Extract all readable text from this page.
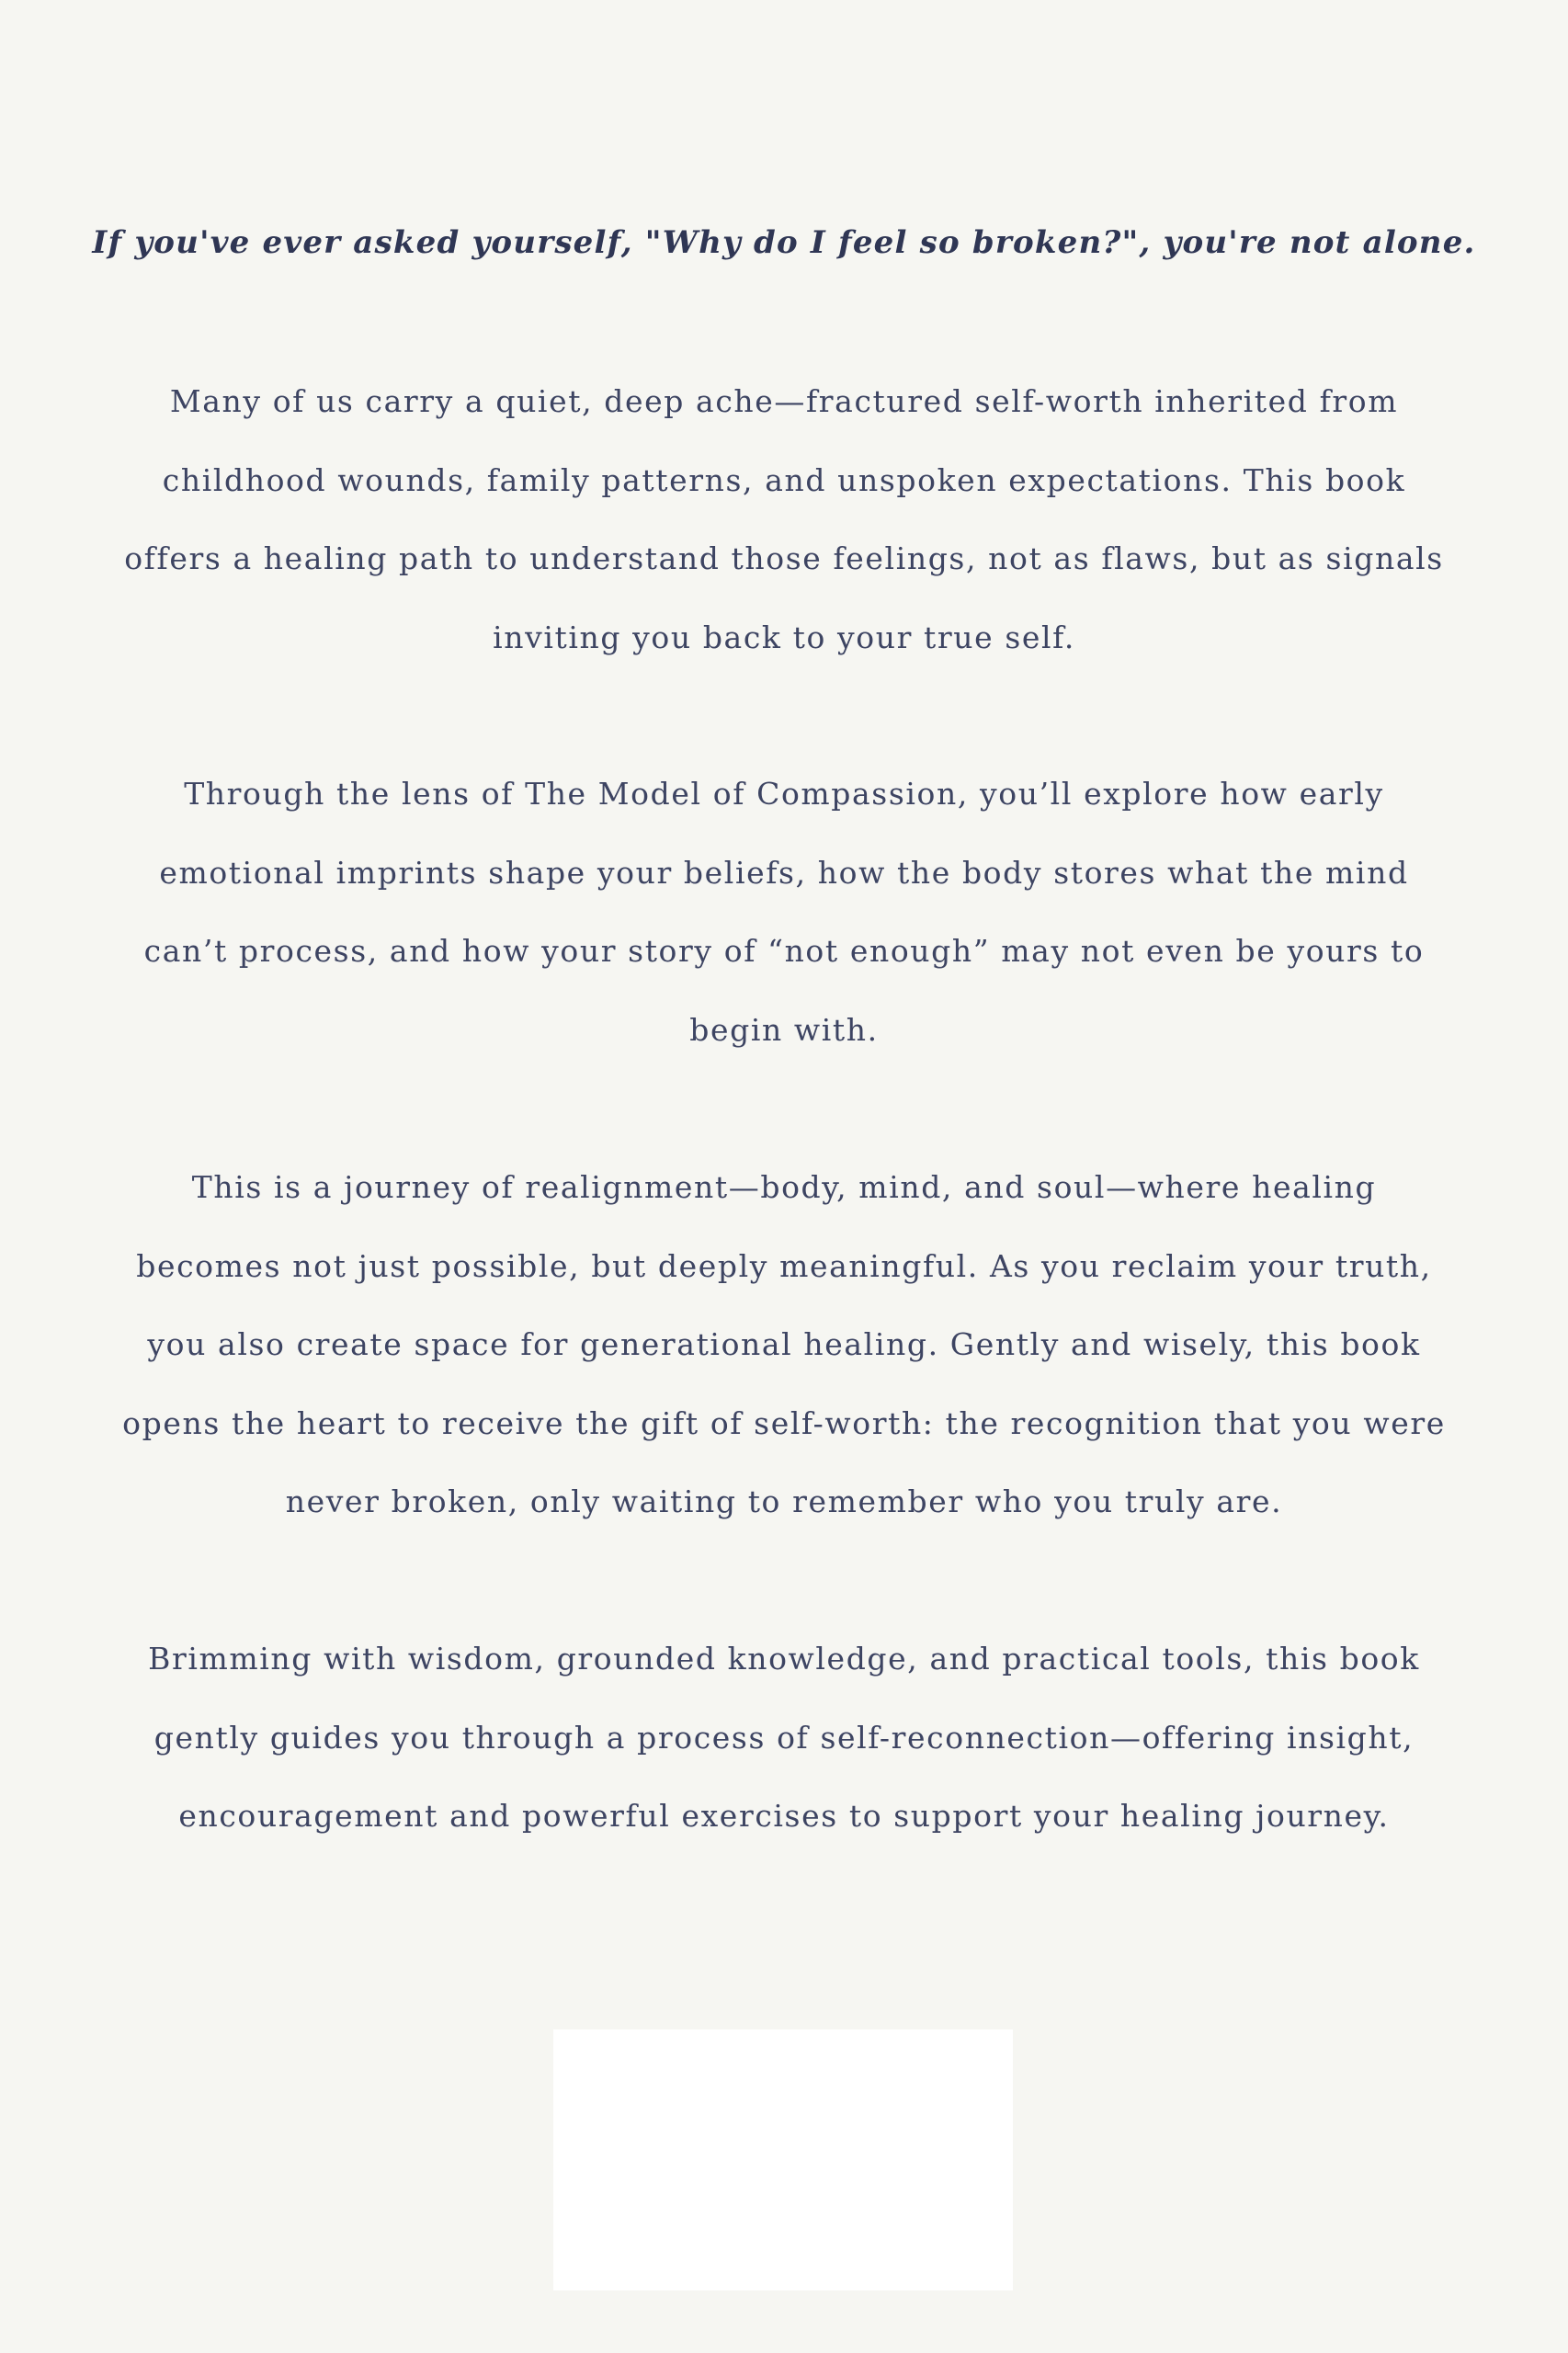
If you've ever asked yourself, "Why do I feel so broken?", you're not alone.

Many of us carry a quiet, deep ache—fractured self-worth inherited from childhood wounds, family patterns, and unspoken expectations. This book offers a healing path to understand those feelings, not as flaws, but as signals inviting you back to your true self.

Through the lens of The Model of Compassion, you’ll explore how early emotional imprints shape your beliefs, how the body stores what the mind can’t process, and how your story of “not enough” may not even be yours to begin with.

This is a journey of realignment—body, mind, and soul—where healing becomes not just possible, but deeply meaningful. As you reclaim your truth, you also create space for generational healing. Gently and wisely, this book opens the heart to receive the gift of self-worth: the recognition that you were never broken, only waiting to remember who you truly are.

Brimming with wisdom, grounded knowledge, and practical tools, this book gently guides you through a process of self-reconnection—offering insight, encouragement and powerful exercises to support your healing journey.
